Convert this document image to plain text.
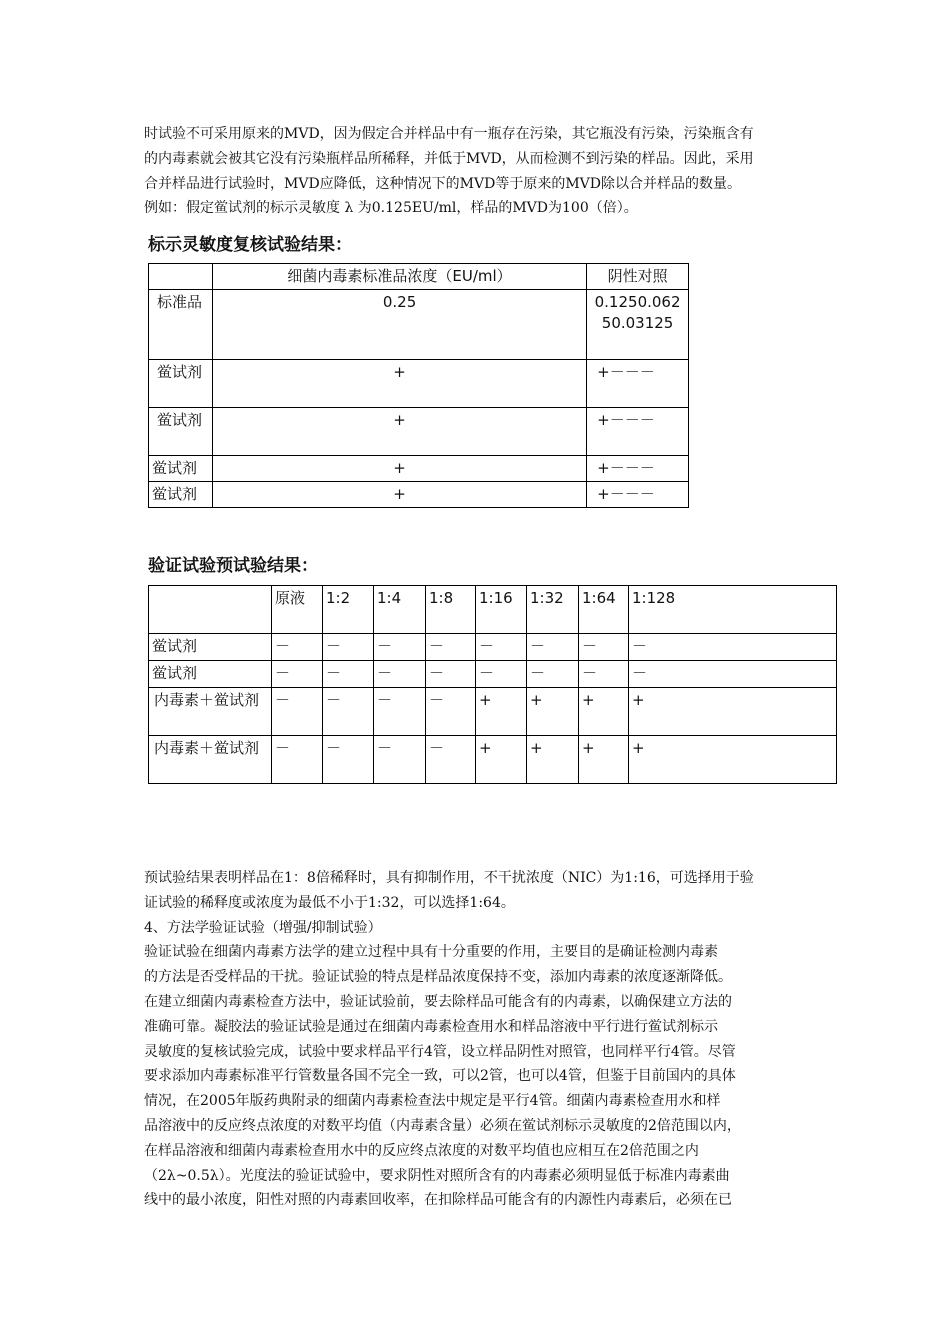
时试验不可采用原来的MVD，因为假定合并样品中有一瓶存在污染，其它瓶没有污染，污染瓶含有
的内毒素就会被其它没有污染瓶样品所稀释，并低于MVD，从而检测不到污染的样品。因此，采用
合并样品进行试验时，MVD应降低，这种情况下的MVD等于原来的MVD除以合并样品的数量。
例如：假定鲎试剂的标示灵敏度 λ 为0.125EU/ml，样品的MVD为100（倍）。
标示灵敏度复核试验结果：
	细菌内毒素标准品浓度（EU/ml）	阴性对照
标准品	0.25	0.1250.06250.03125
鲎试剂	+	+－－－
鲎试剂	+	+－－－
鲎试剂	+	+－－－
鲎试剂	+	+－－－
验证试验预试验结果：
	原液	1:2	1:4	1:8	1:16	1:32	1:64	1:128
鲎试剂	－	－	－	－	－	－	－	－
鲎试剂	－	－	－	－	－	－	－	－
内毒素＋鲎试剂	－	－	－	－	+	+	+	+
内毒素＋鲎试剂	－	－	－	－	+	+	+	+
预试验结果表明样品在1：8倍稀释时，具有抑制作用，不干扰浓度（NIC）为1:16，可选择用于验
证试验的稀释度或浓度为最低不小于1:32，可以选择1:64。
4、方法学验证试验（增强/抑制试验）
验证试验在细菌内毒素方法学的建立过程中具有十分重要的作用，主要目的是确证检测内毒素
的方法是否受样品的干扰。验证试验的特点是样品浓度保持不变，添加内毒素的浓度逐渐降低。
在建立细菌内毒素检查方法中，验证试验前，要去除样品可能含有的内毒素，以确保建立方法的
准确可靠。凝胶法的验证试验是通过在细菌内毒素检查用水和样品溶液中平行进行鲎试剂标示
灵敏度的复核试验完成，试验中要求样品平行4管，设立样品阴性对照管，也同样平行4管。尽管
要求添加内毒素标准平行管数量各国不完全一致，可以2管，也可以4管，但鉴于目前国内的具体
情况，在2005年版药典附录的细菌内毒素检查法中规定是平行4管。细菌内毒素检查用水和样
品溶液中的反应终点浓度的对数平均值（内毒素含量）必须在鲎试剂标示灵敏度的2倍范围以内，
在样品溶液和细菌内毒素检查用水中的反应终点浓度的对数平均值也应相互在2倍范围之内
（2λ~0.5λ）。光度法的验证试验中，要求阴性对照所含有的内毒素必须明显低于标准内毒素曲
线中的最小浓度，阳性对照的内毒素回收率，在扣除样品可能含有的内源性内毒素后，必须在已
